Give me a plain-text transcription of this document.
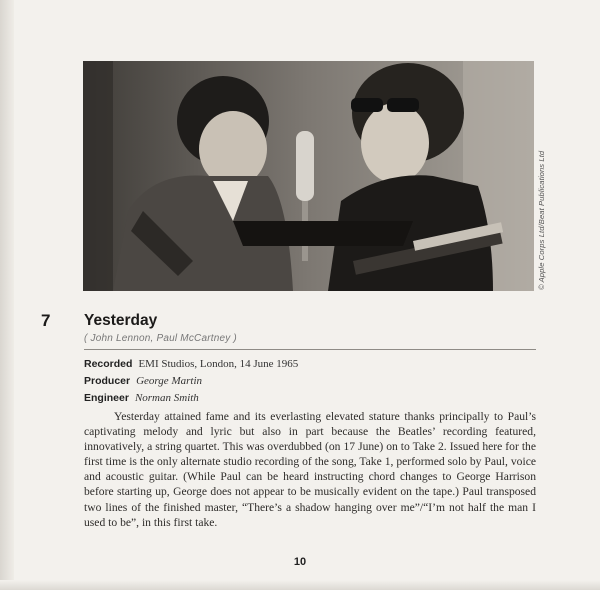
© Apple Corps Ltd/Beat Publications Ltd
7 Yesterday
( John Lennon, Paul McCartney )
Recorded EMI Studios, London, 14 June 1965
Producer George Martin
Engineer Norman Smith

Yesterday attained fame and its everlasting elevated stature thanks principally to Paul’s captivating melody and lyric but also in part because the Beatles’ recording featured, innovatively, a string quartet. This was overdubbed (on 17 June) on to Take 2. Issued here for the first time is the only alternate studio recording of the song, Take 1, performed solo by Paul, voice and acoustic guitar. (While Paul can be heard instructing chord changes to George Harrison before starting up, George does not appear to be musically evident on the tape.) Paul transposed two lines of the finished master, “There’s a shadow hanging over me”/“I’m not half the man I used to be”, in this first take.

10
